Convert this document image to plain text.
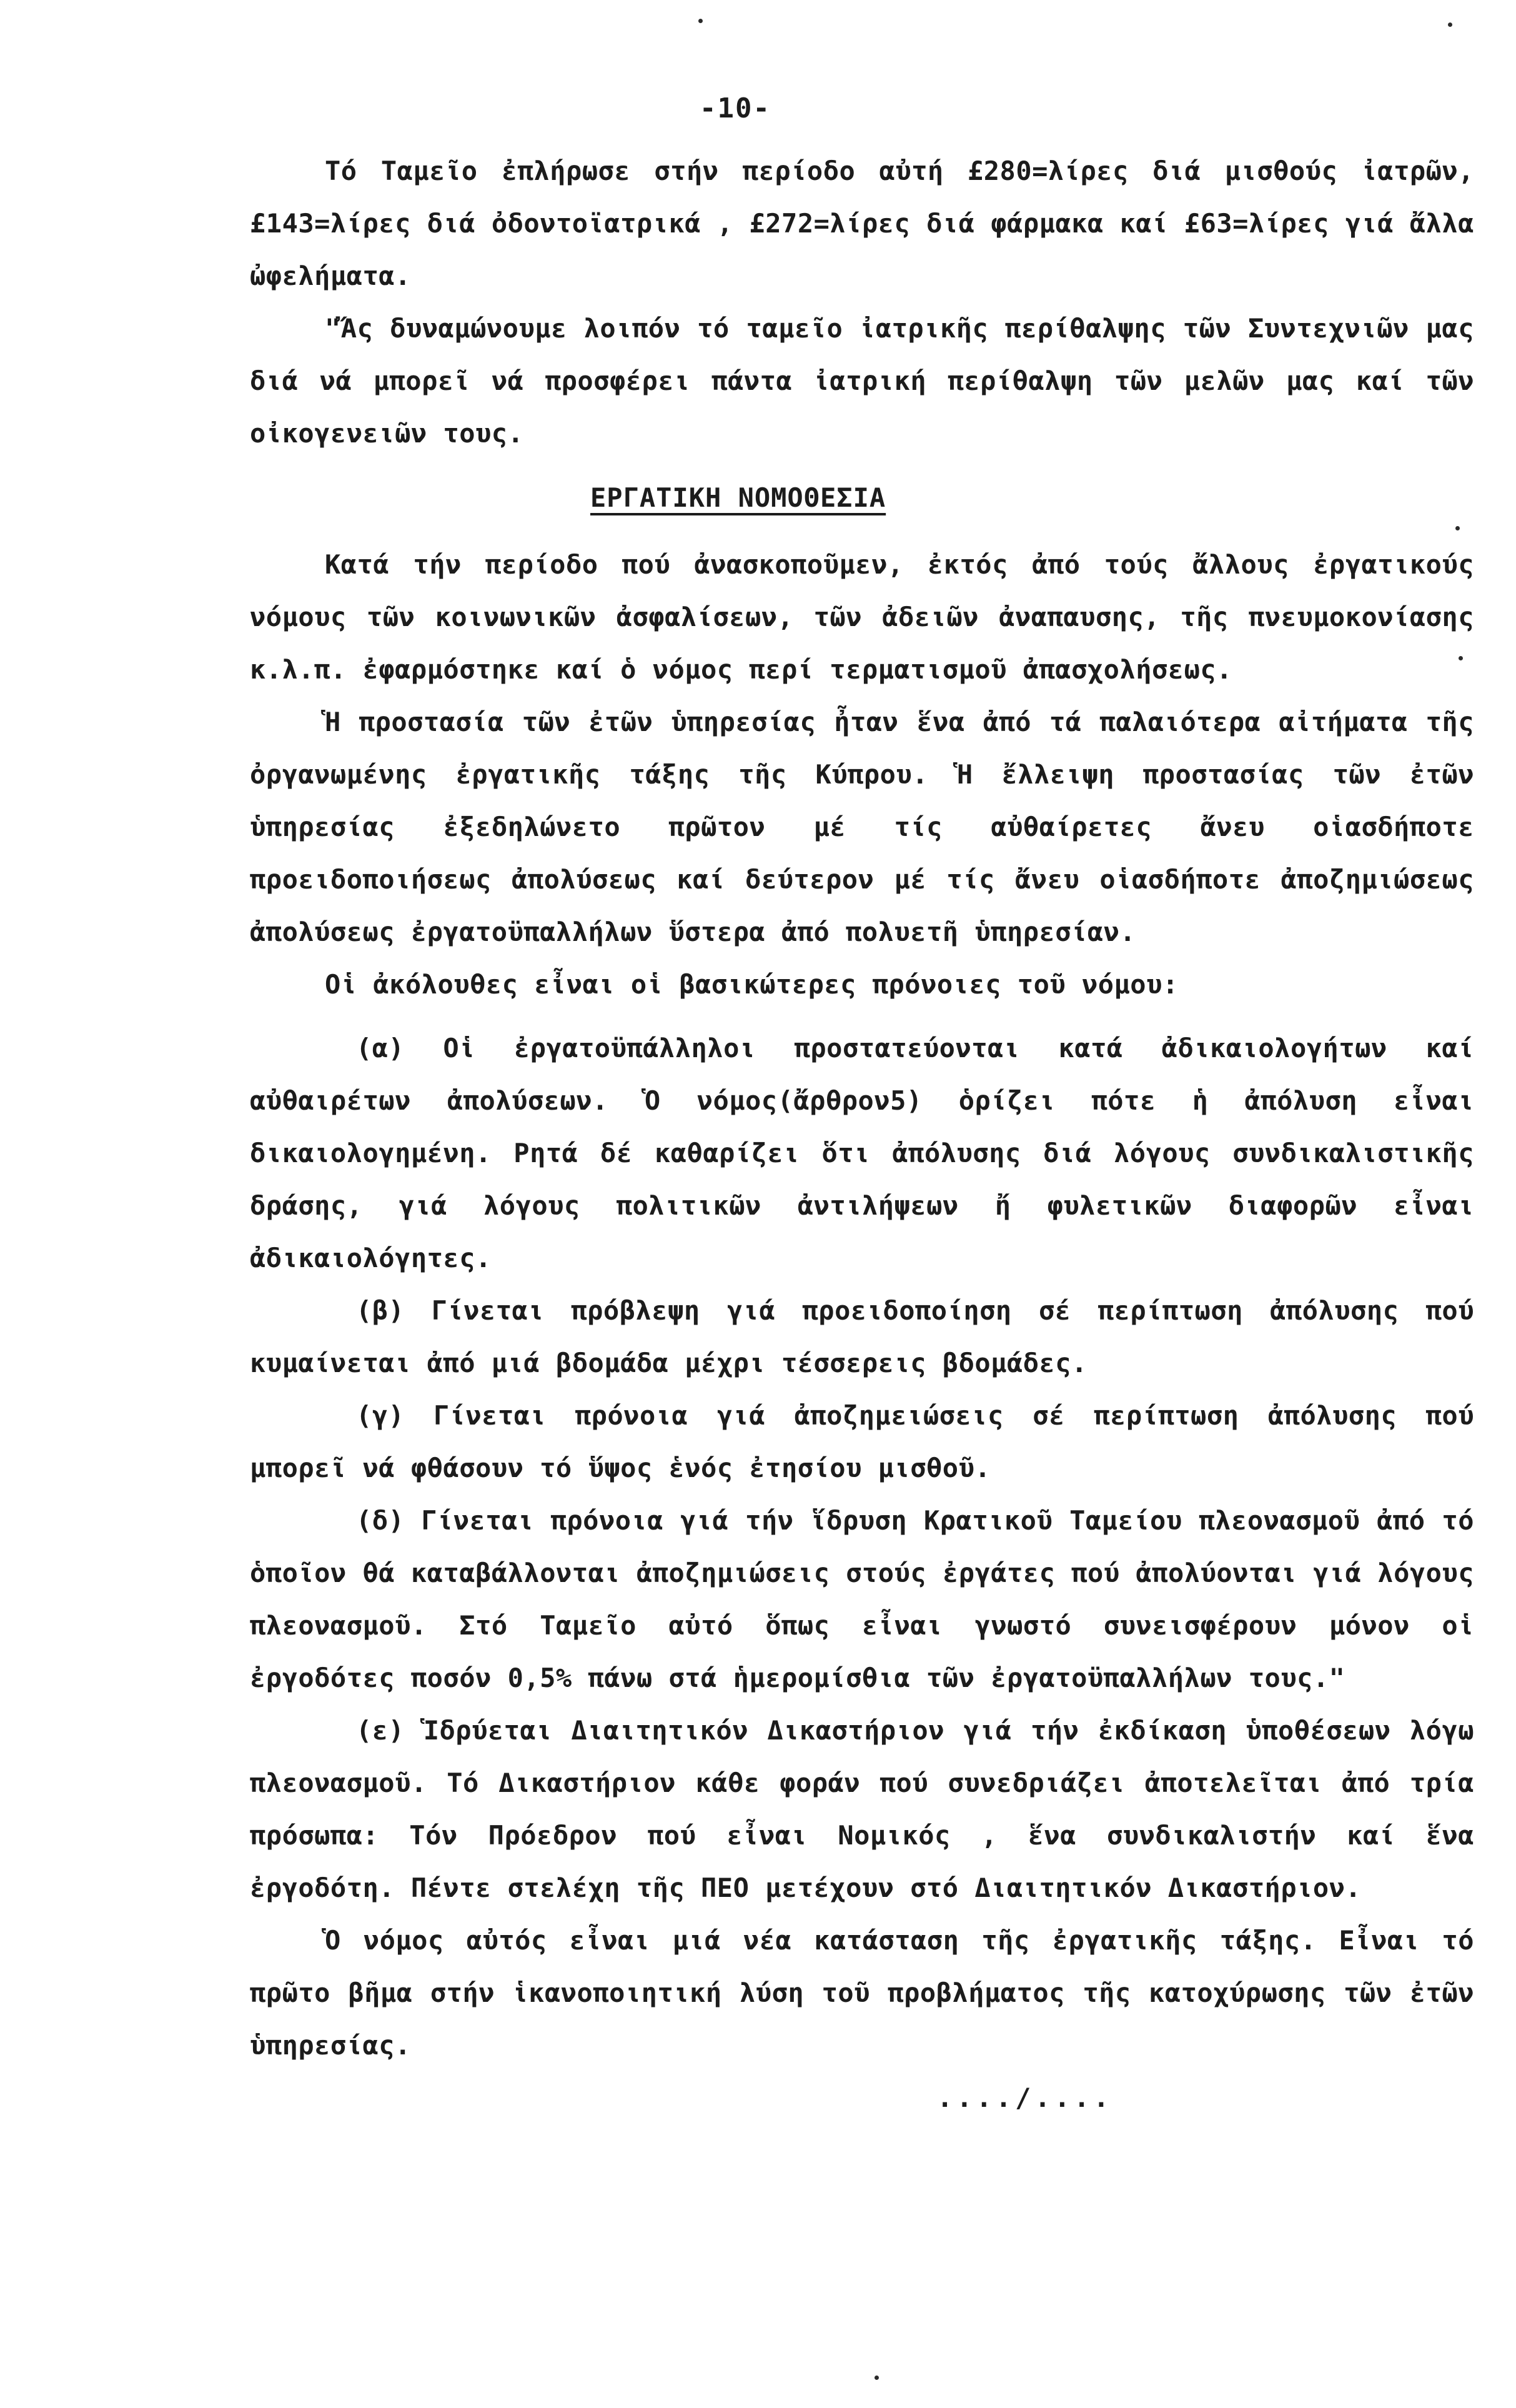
-10-

Τό Ταμεῖο ἐπλήρωσε στήν περίοδο αὐτή £280=λίρες διά μισθούς ἰατρῶν, £143=λίρες διά ὀδοντοϊατρικά , £272=λίρες διά φάρμακα καί £63=λίρες γιά ἄλλα ὠφελήματα.

"Ἄς δυναμώνουμε λοιπόν τό ταμεῖο ἰατρικῆς περίθαλψης τῶν Συντεχνιῶν μας διά νά μπορεῖ νά προσφέρει πάντα ἰατρική περίθαλψη τῶν μελῶν μας καί τῶν οἰκογενειῶν τους.

ΕΡΓΑΤΙΚΗ ΝΟΜΟΘΕΣΙΑ

Κατά τήν περίοδο πού ἀνασκοποῦμεν, ἐκτός ἀπό τούς ἄλλους ἐργατικούς νόμους τῶν κοινωνικῶν ἀσφαλίσεων, τῶν ἀδειῶν ἀναπαυσης, τῆς πνευμοκονίασης κ.λ.π. ἐφαρμόστηκε καί ὁ νόμος περί τερματισμοῦ ἀπασχολήσεως.

Ἡ προστασία τῶν ἐτῶν ὑπηρεσίας ἦταν ἕνα ἀπό τά παλαιότερα αἰτήματα τῆς ὀργανωμένης ἐργατικῆς τάξης τῆς Κύπρου. Ἡ ἔλλειψη προστασίας τῶν ἐτῶν ὑπηρεσίας ἐξεδηλώνετο πρῶτον μέ τίς αὐθαίρετες ἄνευ οἱασδήποτε προειδοποιήσεως ἀπολύσεως καί δεύτερον μέ τίς ἄνευ οἱασδήποτε ἀποζημιώσεως ἀπολύσεως ἐργατοϋπαλλήλων ὕστερα ἀπό πολυετῆ ὑπηρεσίαν.

Οἱ ἀκόλουθες εἶναι οἱ βασικώτερες πρόνοιες τοῦ νόμου:

(α) Οἱ ἐργατοϋπάλληλοι προστατεύονται κατά ἀδικαιολογήτων καί αὐθαιρέτων ἀπολύσεων. Ὁ νόμος(ἄρθρον5) ὁρίζει πότε ἡ ἀπόλυση εἶναι δικαιολογημένη. Ρητά δέ καθαρίζει ὅτι ἀπόλυσης διά λόγους συνδικαλιστικῆς δράσης, γιά λόγους πολιτικῶν ἀντιλήψεων ἤ φυλετικῶν διαφορῶν εἶναι ἀδικαιολόγητες.

(β) Γίνεται πρόβλεψη γιά προειδοποίηση σέ περίπτωση ἀπόλυσης πού κυμαίνεται ἀπό μιά βδομάδα μέχρι τέσσερεις βδομάδες.

(γ) Γίνεται πρόνοια γιά ἀποζημειώσεις σέ περίπτωση ἀπόλυσης πού μπορεῖ νά φθάσουν τό ὕψος ἑνός ἐτησίου μισθοῦ.

(δ) Γίνεται πρόνοια γιά τήν ἵδρυση Κρατικοῦ Ταμείου πλεονασμοῦ ἀπό τό ὁποῖον θά καταβάλλονται ἀποζημιώσεις στούς ἐργάτες πού ἀπολύονται γιά λόγους πλεονασμοῦ. Στό Ταμεῖο αὐτό ὅπως εἶναι γνωστό συνεισφέρουν μόνον οἱ ἐργοδότες ποσόν 0,5% πάνω στά ἡμερομίσθια τῶν ἐργατοϋπαλλήλων τους."

(ε) Ἱδρύεται Διαιτητικόν Δικαστήριον γιά τήν ἐκδίκαση ὑποθέσεων λόγω πλεονασμοῦ. Τό Δικαστήριον κάθε φοράν πού συνεδριάζει ἀποτελεῖται ἀπό τρία πρόσωπα: Τόν Πρόεδρον πού εἶναι Νομικός , ἕνα συνδικαλιστήν καί ἕνα ἐργοδότη. Πέντε στελέχη τῆς ΠΕΟ μετέχουν στό Διαιτητικόν Δικαστήριον.

Ὁ νόμος αὐτός εἶναι μιά νέα κατάσταση τῆς ἐργατικῆς τάξης. Εἶναι τό πρῶτο βῆμα στήν ἱκανοποιητική λύση τοῦ προβλήματος τῆς κατοχύρωσης τῶν ἐτῶν ὑπηρεσίας.

..../....
